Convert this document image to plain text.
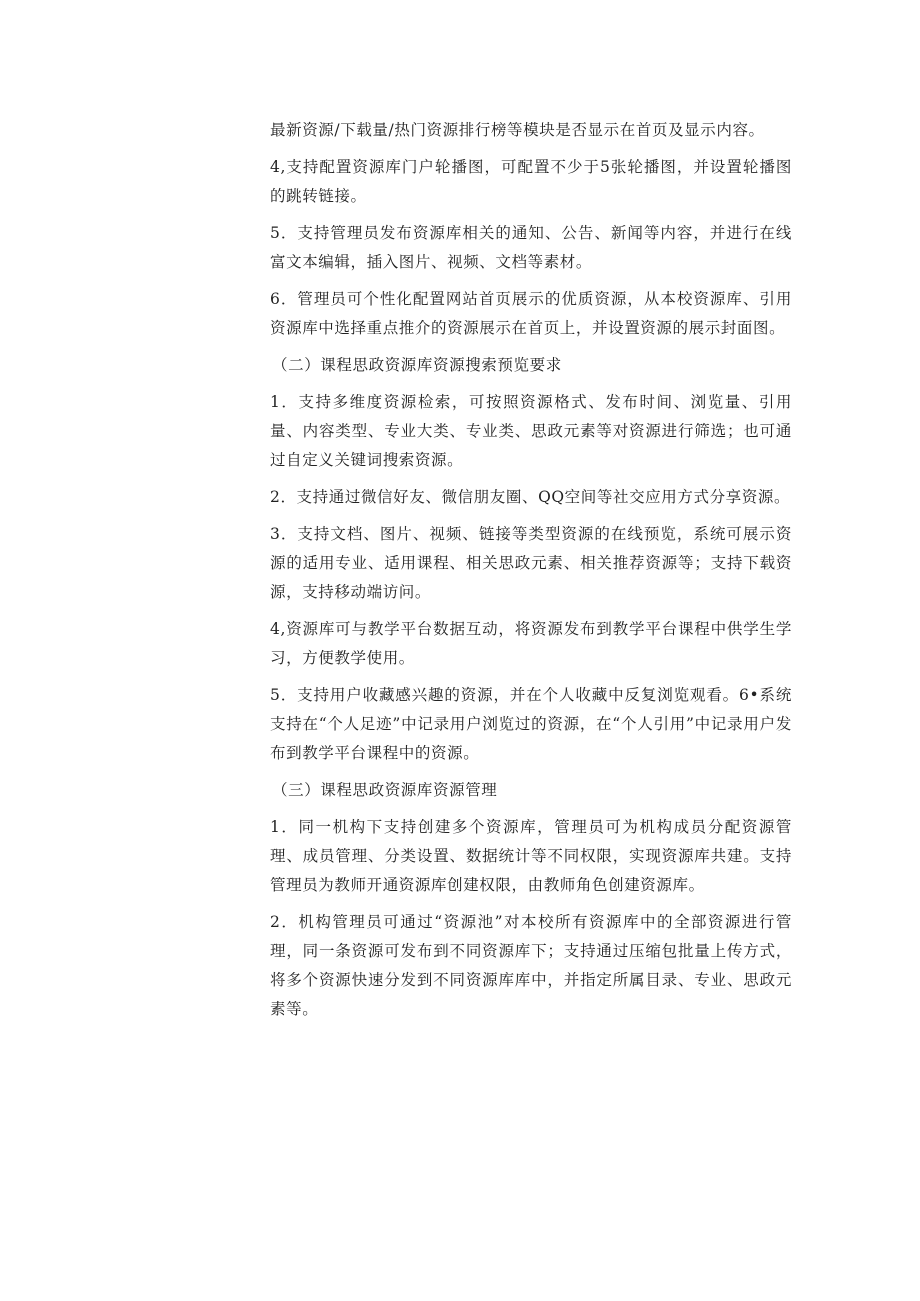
最新资源/下载量/热门资源排行榜等模块是否显示在首页及显示内容。

4,支持配置资源库门户轮播图，可配置不少于5张轮播图，并设置轮播图的跳转链接。

5．支持管理员发布资源库相关的通知、公告、新闻等内容，并进行在线富文本编辑，插入图片、视频、文档等素材。

6．管理员可个性化配置网站首页展示的优质资源，从本校资源库、引用资源库中选择重点推介的资源展示在首页上，并设置资源的展示封面图。

（二）课程思政资源库资源搜索预览要求

1．支持多维度资源检索，可按照资源格式、发布时间、浏览量、引用量、内容类型、专业大类、专业类、思政元素等对资源进行筛选；也可通过自定义关键词搜索资源。

2．支持通过微信好友、微信朋友圈、QQ空间等社交应用方式分享资源。

3．支持文档、图片、视频、链接等类型资源的在线预览，系统可展示资源的适用专业、适用课程、相关思政元素、相关推荐资源等；支持下载资源，支持移动端访问。

4,资源库可与教学平台数据互动，将资源发布到教学平台课程中供学生学习，方便教学使用。

5．支持用户收藏感兴趣的资源，并在个人收藏中反复浏览观看。6•系统支持在“个人足迹”中记录用户浏览过的资源，在“个人引用”中记录用户发布到教学平台课程中的资源。

（三）课程思政资源库资源管理

1．同一机构下支持创建多个资源库，管理员可为机构成员分配资源管理、成员管理、分类设置、数据统计等不同权限，实现资源库共建。支持管理员为教师开通资源库创建权限，由教师角色创建资源库。

2．机构管理员可通过“资源池”对本校所有资源库中的全部资源进行管理，同一条资源可发布到不同资源库下；支持通过压缩包批量上传方式，将多个资源快速分发到不同资源库库中，并指定所属目录、专业、思政元素等。
